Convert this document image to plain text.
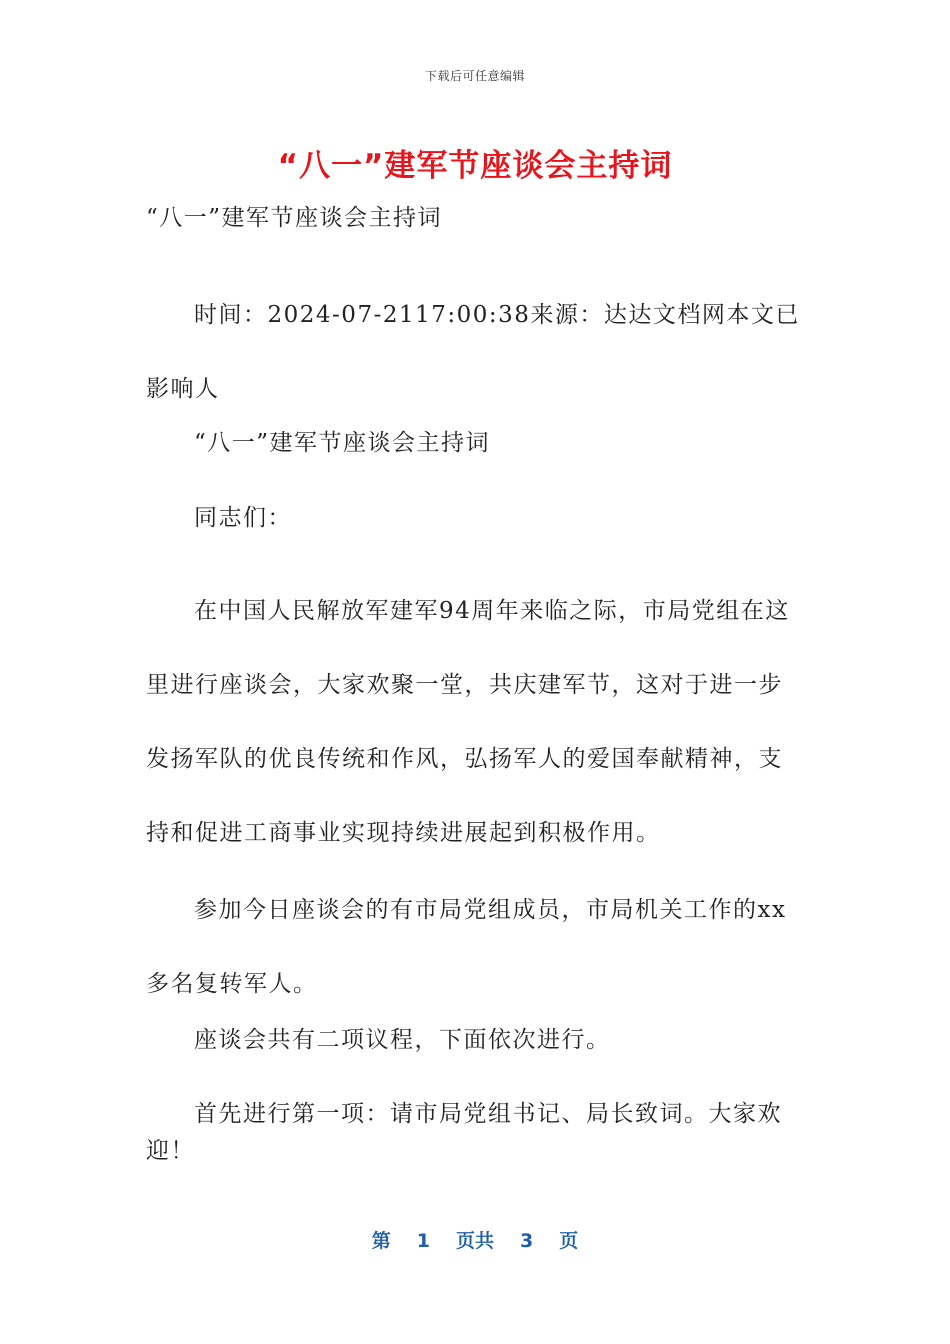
下载后可任意编辑
“八一”建军节座谈会主持词

“八一”建军节座谈会主持词

时间：2024-07-2117:00:38来源：达达文档网本文已影响人

“八一”建军节座谈会主持词

同志们：

在中国人民解放军建军94周年来临之际，市局党组在这里进行座谈会，大家欢聚一堂，共庆建军节，这对于进一步发扬军队的优良传统和作风，弘扬军人的爱国奉献精神，支持和促进工商事业实现持续进展起到积极作用。

参加今日座谈会的有市局党组成员，市局机关工作的xx多名复转军人。

座谈会共有二项议程，下面依次进行。

首先进行第一项：请市局党组书记、局长致词。大家欢迎！

第 1 页共 3 页
